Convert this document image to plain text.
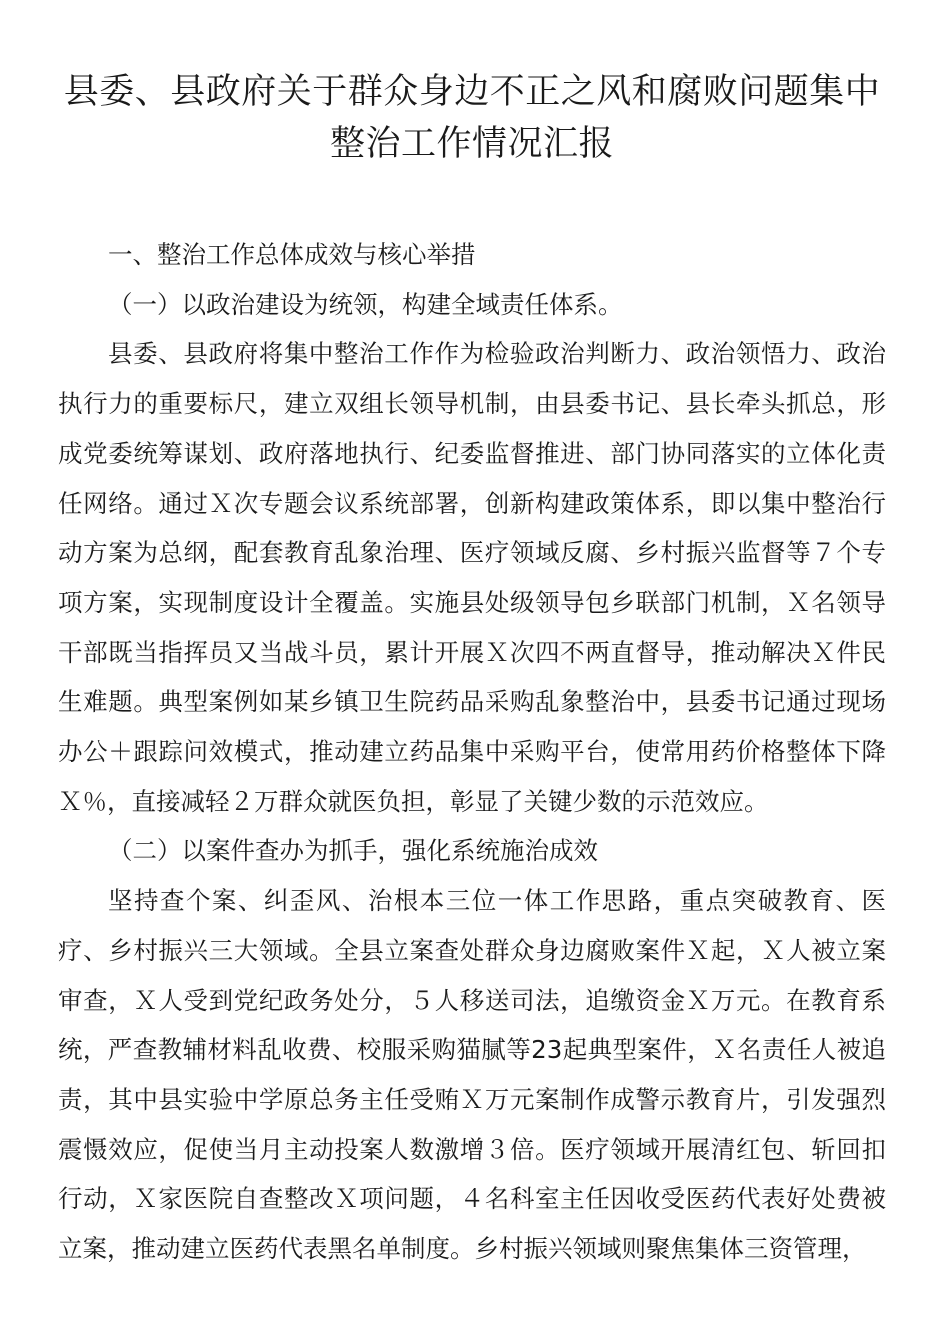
县委、县政府关于群众身边不正之风和腐败问题集中
整治工作情况汇报
一、整治工作总体成效与核心举措
（一）以政治建设为统领，构建全域责任体系。

县委、县政府将集中整治工作作为检验政治判断力、政治领悟力、政治执行力的重要标尺，建立双组长领导机制，由县委书记、县长牵头抓总，形成党委统筹谋划、政府落地执行、纪委监督推进、部门协同落实的立体化责任网络。通过Ｘ次专题会议系统部署，创新构建政策体系，即以集中整治行动方案为总纲，配套教育乱象治理、医疗领域反腐、乡村振兴监督等７个专项方案，实现制度设计全覆盖。实施县处级领导包乡联部门机制，Ｘ名领导干部既当指挥员又当战斗员，累计开展Ｘ次四不两直督导，推动解决Ｘ件民生难题。典型案例如某乡镇卫生院药品采购乱象整治中，县委书记通过现场办公＋跟踪问效模式，推动建立药品集中采购平台，使常用药价格整体下降Ｘ％，直接减轻２万群众就医负担，彰显了关键少数的示范效应。

（二）以案件查办为抓手，强化系统施治成效

坚持查个案、纠歪风、治根本三位一体工作思路，重点突破教育、医疗、乡村振兴三大领域。全县立案查处群众身边腐败案件Ｘ起，Ｘ人被立案审查，Ｘ人受到党纪政务处分，５人移送司法，追缴资金Ｘ万元。在教育系统，严查教辅材料乱收费、校服采购猫腻等23起典型案件，Ｘ名责任人被追责，其中县实验中学原总务主任受贿Ｘ万元案制作成警示教育片，引发强烈震慑效应，促使当月主动投案人数激增３倍。医疗领域开展清红包、斩回扣行动，Ｘ家医院自查整改Ｘ项问题，４名科室主任因收受医药代表好处费被立案，推动建立医药代表黑名单制度。乡村振兴领域则聚焦集体三资管理，
